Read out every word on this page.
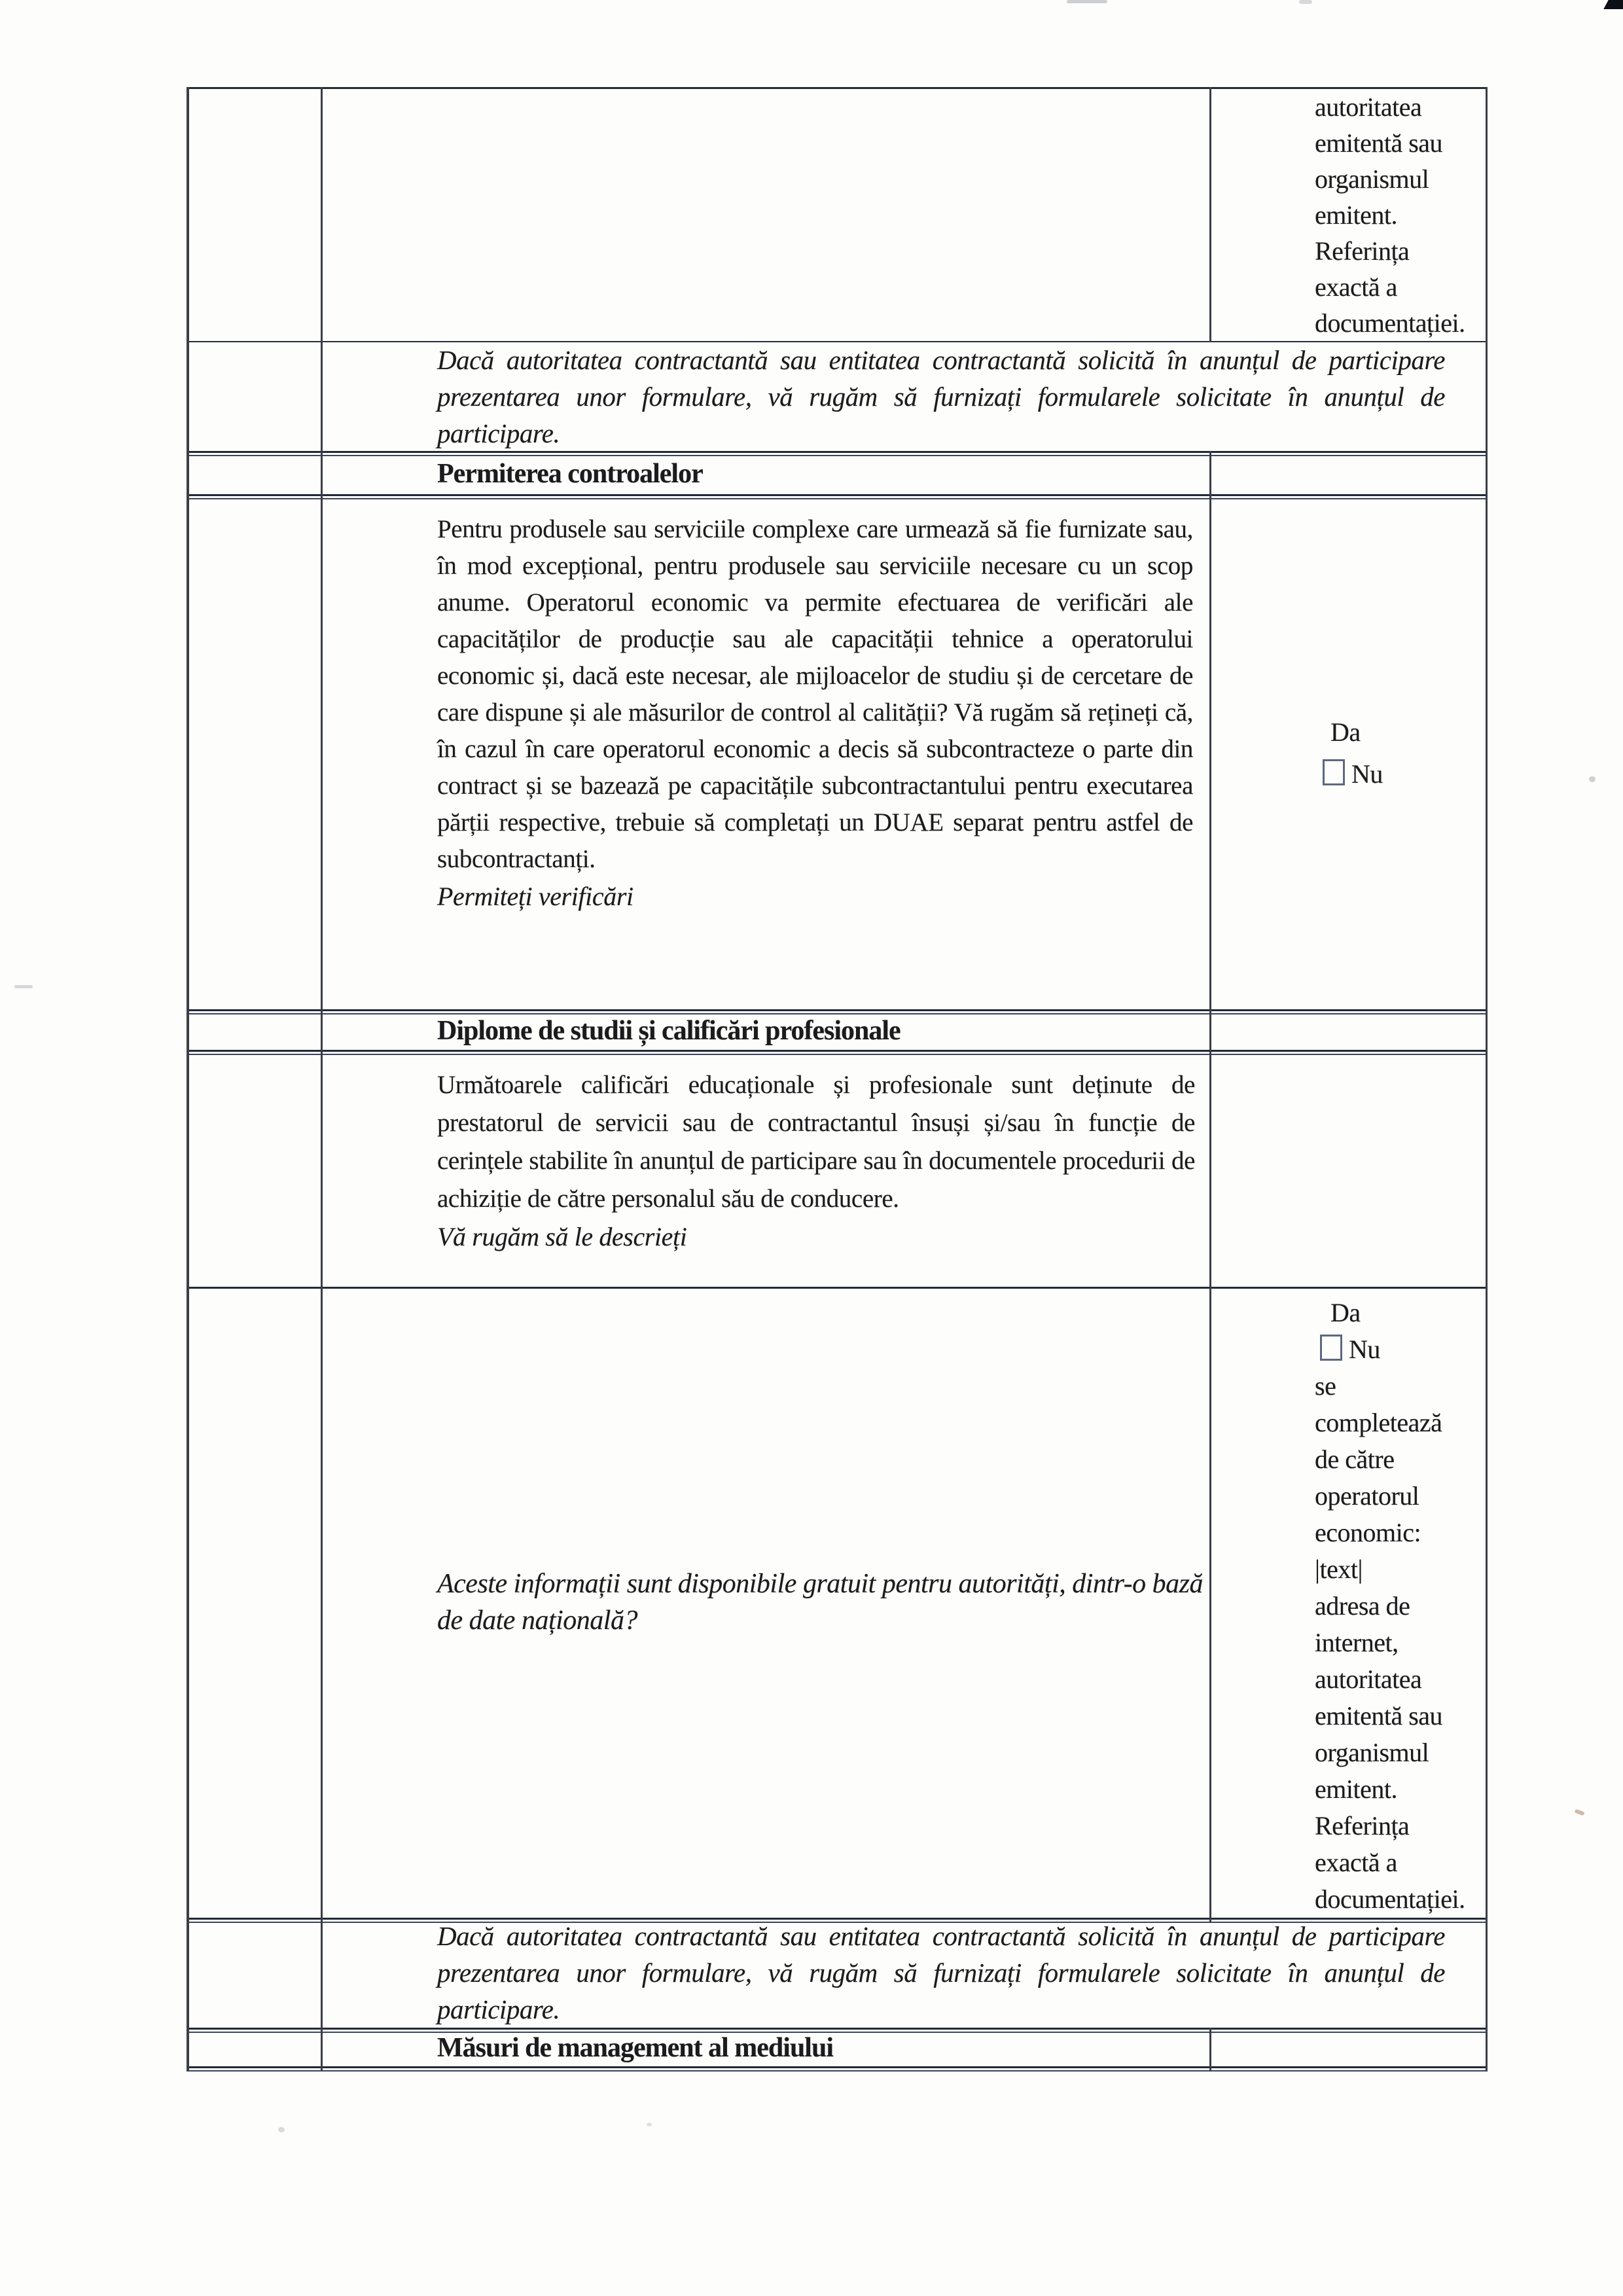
autoritatea
emitentă sau
organismul
emitent.
Referința
exactă a
documentației.
Dacă autoritatea contractantă sau entitatea contractantă solicită în anunțul de participare prezentarea unor formulare, vă rugăm să furnizați formularele solicitate în anunțul de participare.
Permiterea controalelor
Pentru produsele sau serviciile complexe care urmează să fie furnizate sau, în mod excepțional, pentru produsele sau serviciile necesare cu un scop anume. Operatorul economic va permite efectuarea de verificări ale capacităților de producție sau ale capacității tehnice a operatorului economic și, dacă este necesar, ale mijloacelor de studiu și de cercetare de care dispune și ale măsurilor de control al calității? Vă rugăm să rețineți că, în cazul în care operatorul economic a decis să subcontracteze o parte din contract și se bazează pe capacitățile subcontractantului pentru executarea părții respective, trebuie să completați un DUAE separat pentru astfel de subcontractanți.
Permiteți verificări
Da
Nu
Diplome de studii și calificări profesionale
Următoarele calificări educaționale și profesionale sunt deținute de prestatorul de servicii sau de contractantul însuși și/sau în funcție de cerințele stabilite în anunțul de participare sau în documentele procedurii de achiziție de către personalul său de conducere.
Vă rugăm să le descrieți
Aceste informații sunt disponibile gratuit pentru autorități, dintr-o bază de date națională?
Da
Nu
se
completează
de către
operatorul
economic:
|text|
adresa de
internet,
autoritatea
emitentă sau
organismul
emitent.
Referința
exactă a
documentației.
Dacă autoritatea contractantă sau entitatea contractantă solicită în anunțul de participare prezentarea unor formulare, vă rugăm să furnizați formularele solicitate în anunțul de participare.
Măsuri de management al mediului
